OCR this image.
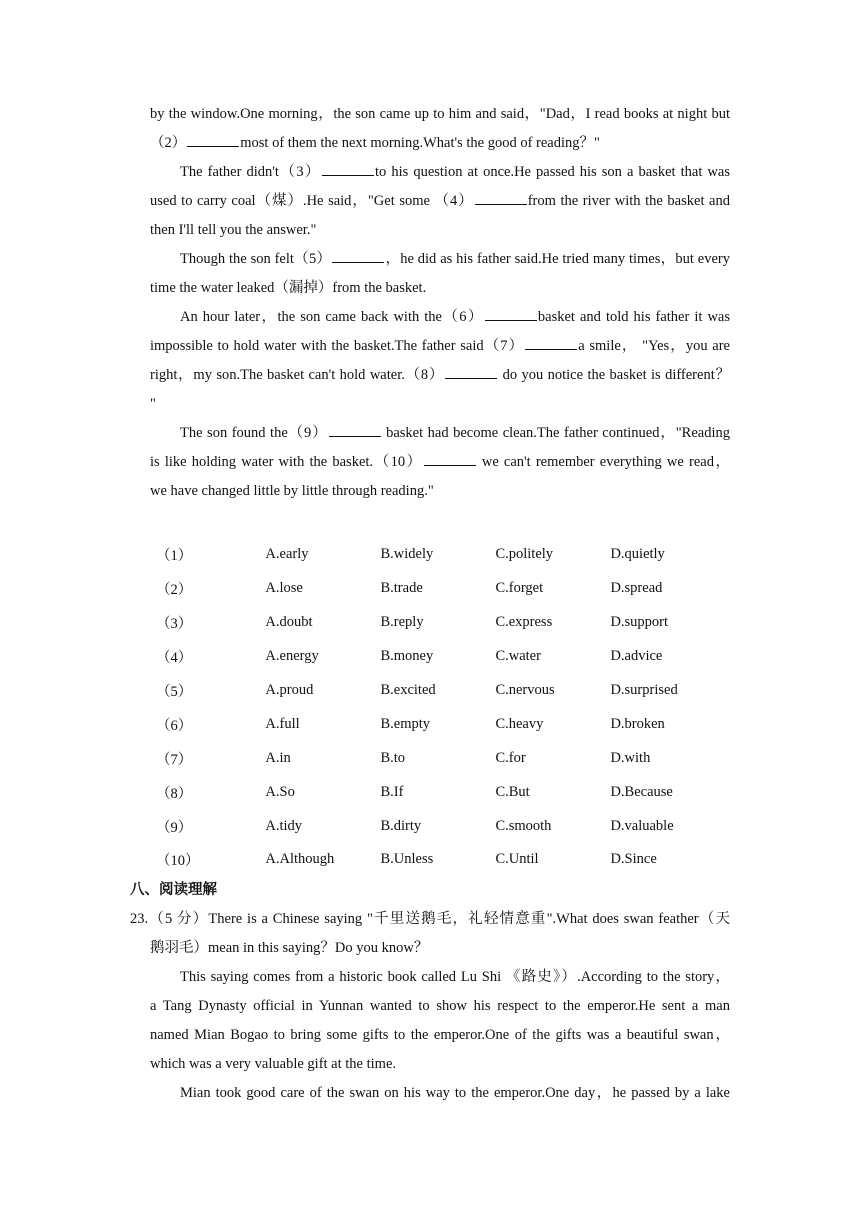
by the window.One morning，the son came up to him and said，"Dad，I read books at night but

（2）	most of them the next morning.What's the good of reading？"

The father didn't（3）	to his question at once.He passed his son a basket that was

used to carry coal（煤）.He said，"Get some （4）	from the river with the basket and

then I'll tell you the answer."

Though the son felt（5）	，he did as his father said.He tried many times，but every

time the water leaked（漏掉）from the basket.

An hour later，the son came back with the（6）	basket and told his father it was

impossible to hold water with the basket.The father said（7）	a smile， "Yes，you are

right，my son.The basket can't hold water.（8）	do you notice the basket is different？

"

The son found the（9）	basket had become clean.The father continued，"Reading

is like holding water with the basket.（10）	we can't remember everything we read，

we have changed little by little through reading."

（1）	A.early	B.widely	C.politely	D.quietly
（2）	A.lose	B.trade	C.forget	D.spread
（3）	A.doubt	B.reply	C.express	D.support
（4）	A.energy	B.money	C.water	D.advice
（5）	A.proud	B.excited	C.nervous	D.surprised
（6）	A.full	B.empty	C.heavy	D.broken
（7）	A.in	B.to	C.for	D.with
（8）	A.So	B.If	C.But	D.Because
（9）	A.tidy	B.dirty	C.smooth	D.valuable
（10）	A.Although	B.Unless	C.Until	D.Since
八、阅读理解

23.（5 分）There is a Chinese saying "千里送鹅毛，礼轻情意重".What does swan feather（天

鹅羽毛）mean in this saying？Do you know？

This saying comes from a historic book called Lu Shi 《路史》）.According to the story，

a Tang Dynasty official in Yunnan wanted to show his respect to the emperor.He sent a man

named Mian Bogao to bring some gifts to the emperor.One of the gifts was a beautiful swan，

which was a very valuable gift at the time.

Mian took good care of the swan on his way to the emperor.One day，he passed by a lake
